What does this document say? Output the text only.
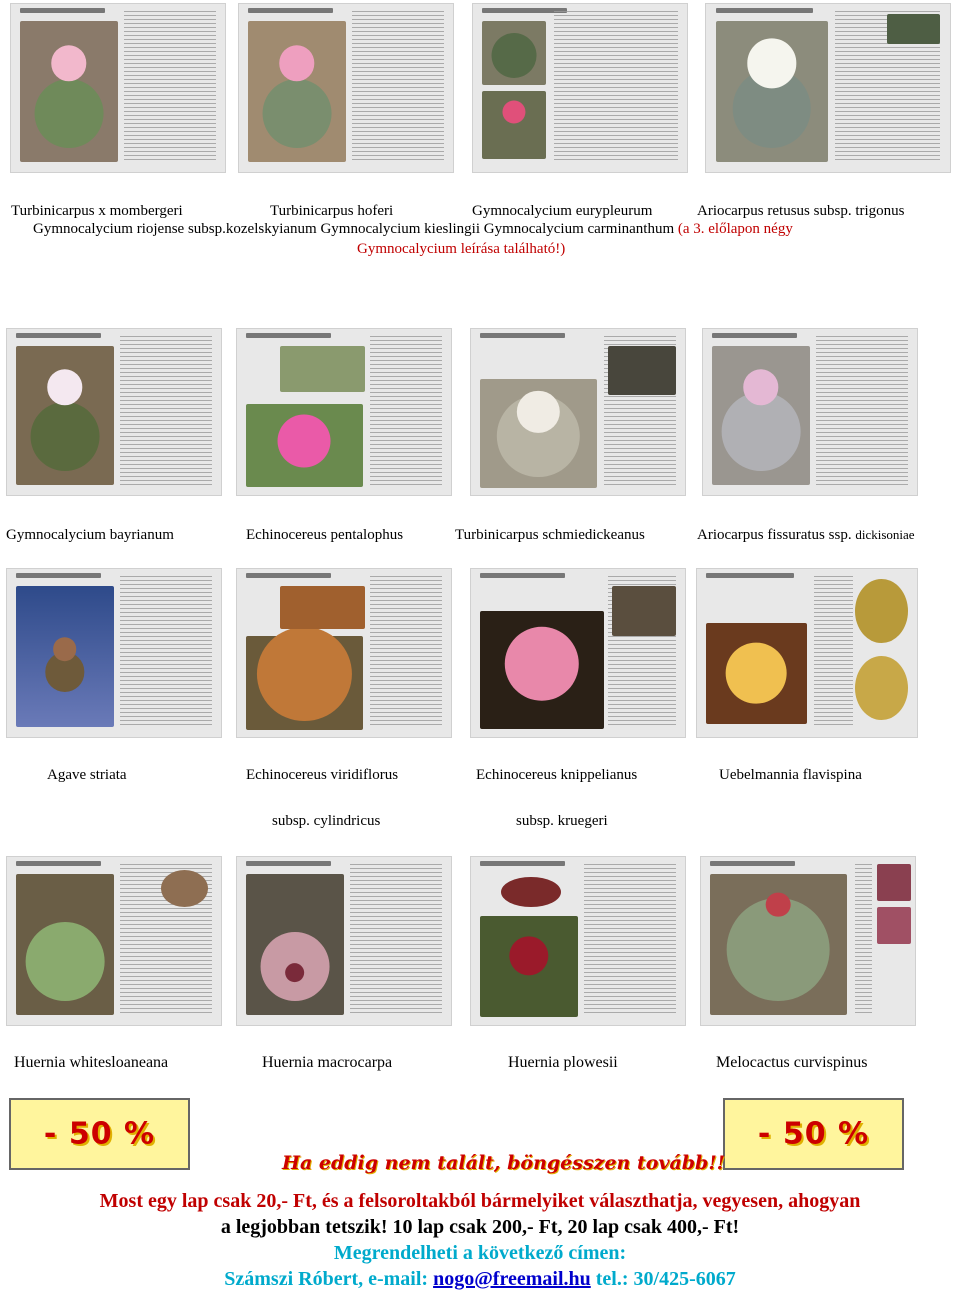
Turbinicarpus x mombergeri	Turbinicarpus hoferi	Gymnocalycium eurypleurum	Ariocarpus retusus subsp. trigonus
Gymnocalycium riojense subsp.kozelskyianum Gymnocalycium kieslingii Gymnocalycium carminanthum (a 3. előlapon négy
Gymnocalycium leírása található!)
Gymnocalycium bayrianum	Echinocereus pentalophus	Turbinicarpus schmiedickeanus	Ariocarpus fissuratus ssp. dickisoniae
Agave striata	Echinocereus viridiflorus	Echinocereus knippelianus	Uebelmannia flavispina
subsp. cylindricus	subsp. kruegeri
Huernia whitesloaneana	Huernia macrocarpa	Huernia plowesii	Melocactus curvispinus
- 50 %	- 50 %
Ha eddig nem talált, böngésszen tovább!!
Most egy lap csak 20,- Ft, és a felsoroltakból bármelyiket választhatja, vegyesen, ahogyan
a legjobban tetszik! 10 lap csak 200,- Ft, 20 lap csak 400,- Ft!
Megrendelheti a következő címen:
Számszi Róbert, e-mail: nogo@freemail.hu tel.: 30/425-6067
